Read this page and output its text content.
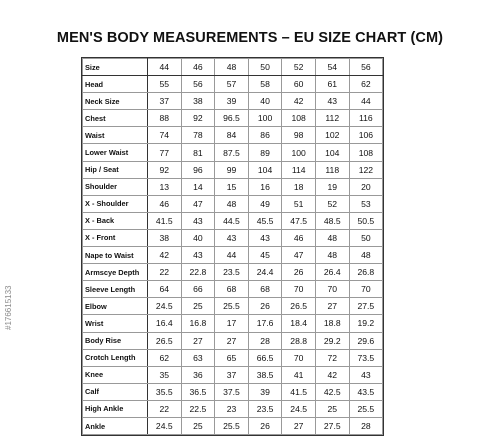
MEN'S BODY MEASUREMENTS – EU SIZE CHART (CM)
Size	44	46	48	50	52	54	56
Head	55	56	57	58	60	61	62
Neck Size	37	38	39	40	42	43	44
Chest	88	92	96.5	100	108	112	116
Waist	74	78	84	86	98	102	106
Lower Waist	77	81	87.5	89	100	104	108
Hip / Seat	92	96	99	104	114	118	122
Shoulder	13	14	15	16	18	19	20
X - Shoulder	46	47	48	49	51	52	53
X - Back	41.5	43	44.5	45.5	47.5	48.5	50.5
X - Front	38	40	43	43	46	48	50
Nape to Waist	42	43	44	45	47	48	48
Armscye Depth	22	22.8	23.5	24.4	26	26.4	26.8
Sleeve Length	64	66	68	68	70	70	70
Elbow	24.5	25	25.5	26	26.5	27	27.5
Wrist	16.4	16.8	17	17.6	18.4	18.8	19.2
Body Rise	26.5	27	27	28	28.8	29.2	29.6
Crotch Length	62	63	65	66.5	70	72	73.5
Knee	35	36	37	38.5	41	42	43
Calf	35.5	36.5	37.5	39	41.5	42.5	43.5
High Ankle	22	22.5	23	23.5	24.5	25	25.5
Ankle	24.5	25	25.5	26	27	27.5	28
#176615133
